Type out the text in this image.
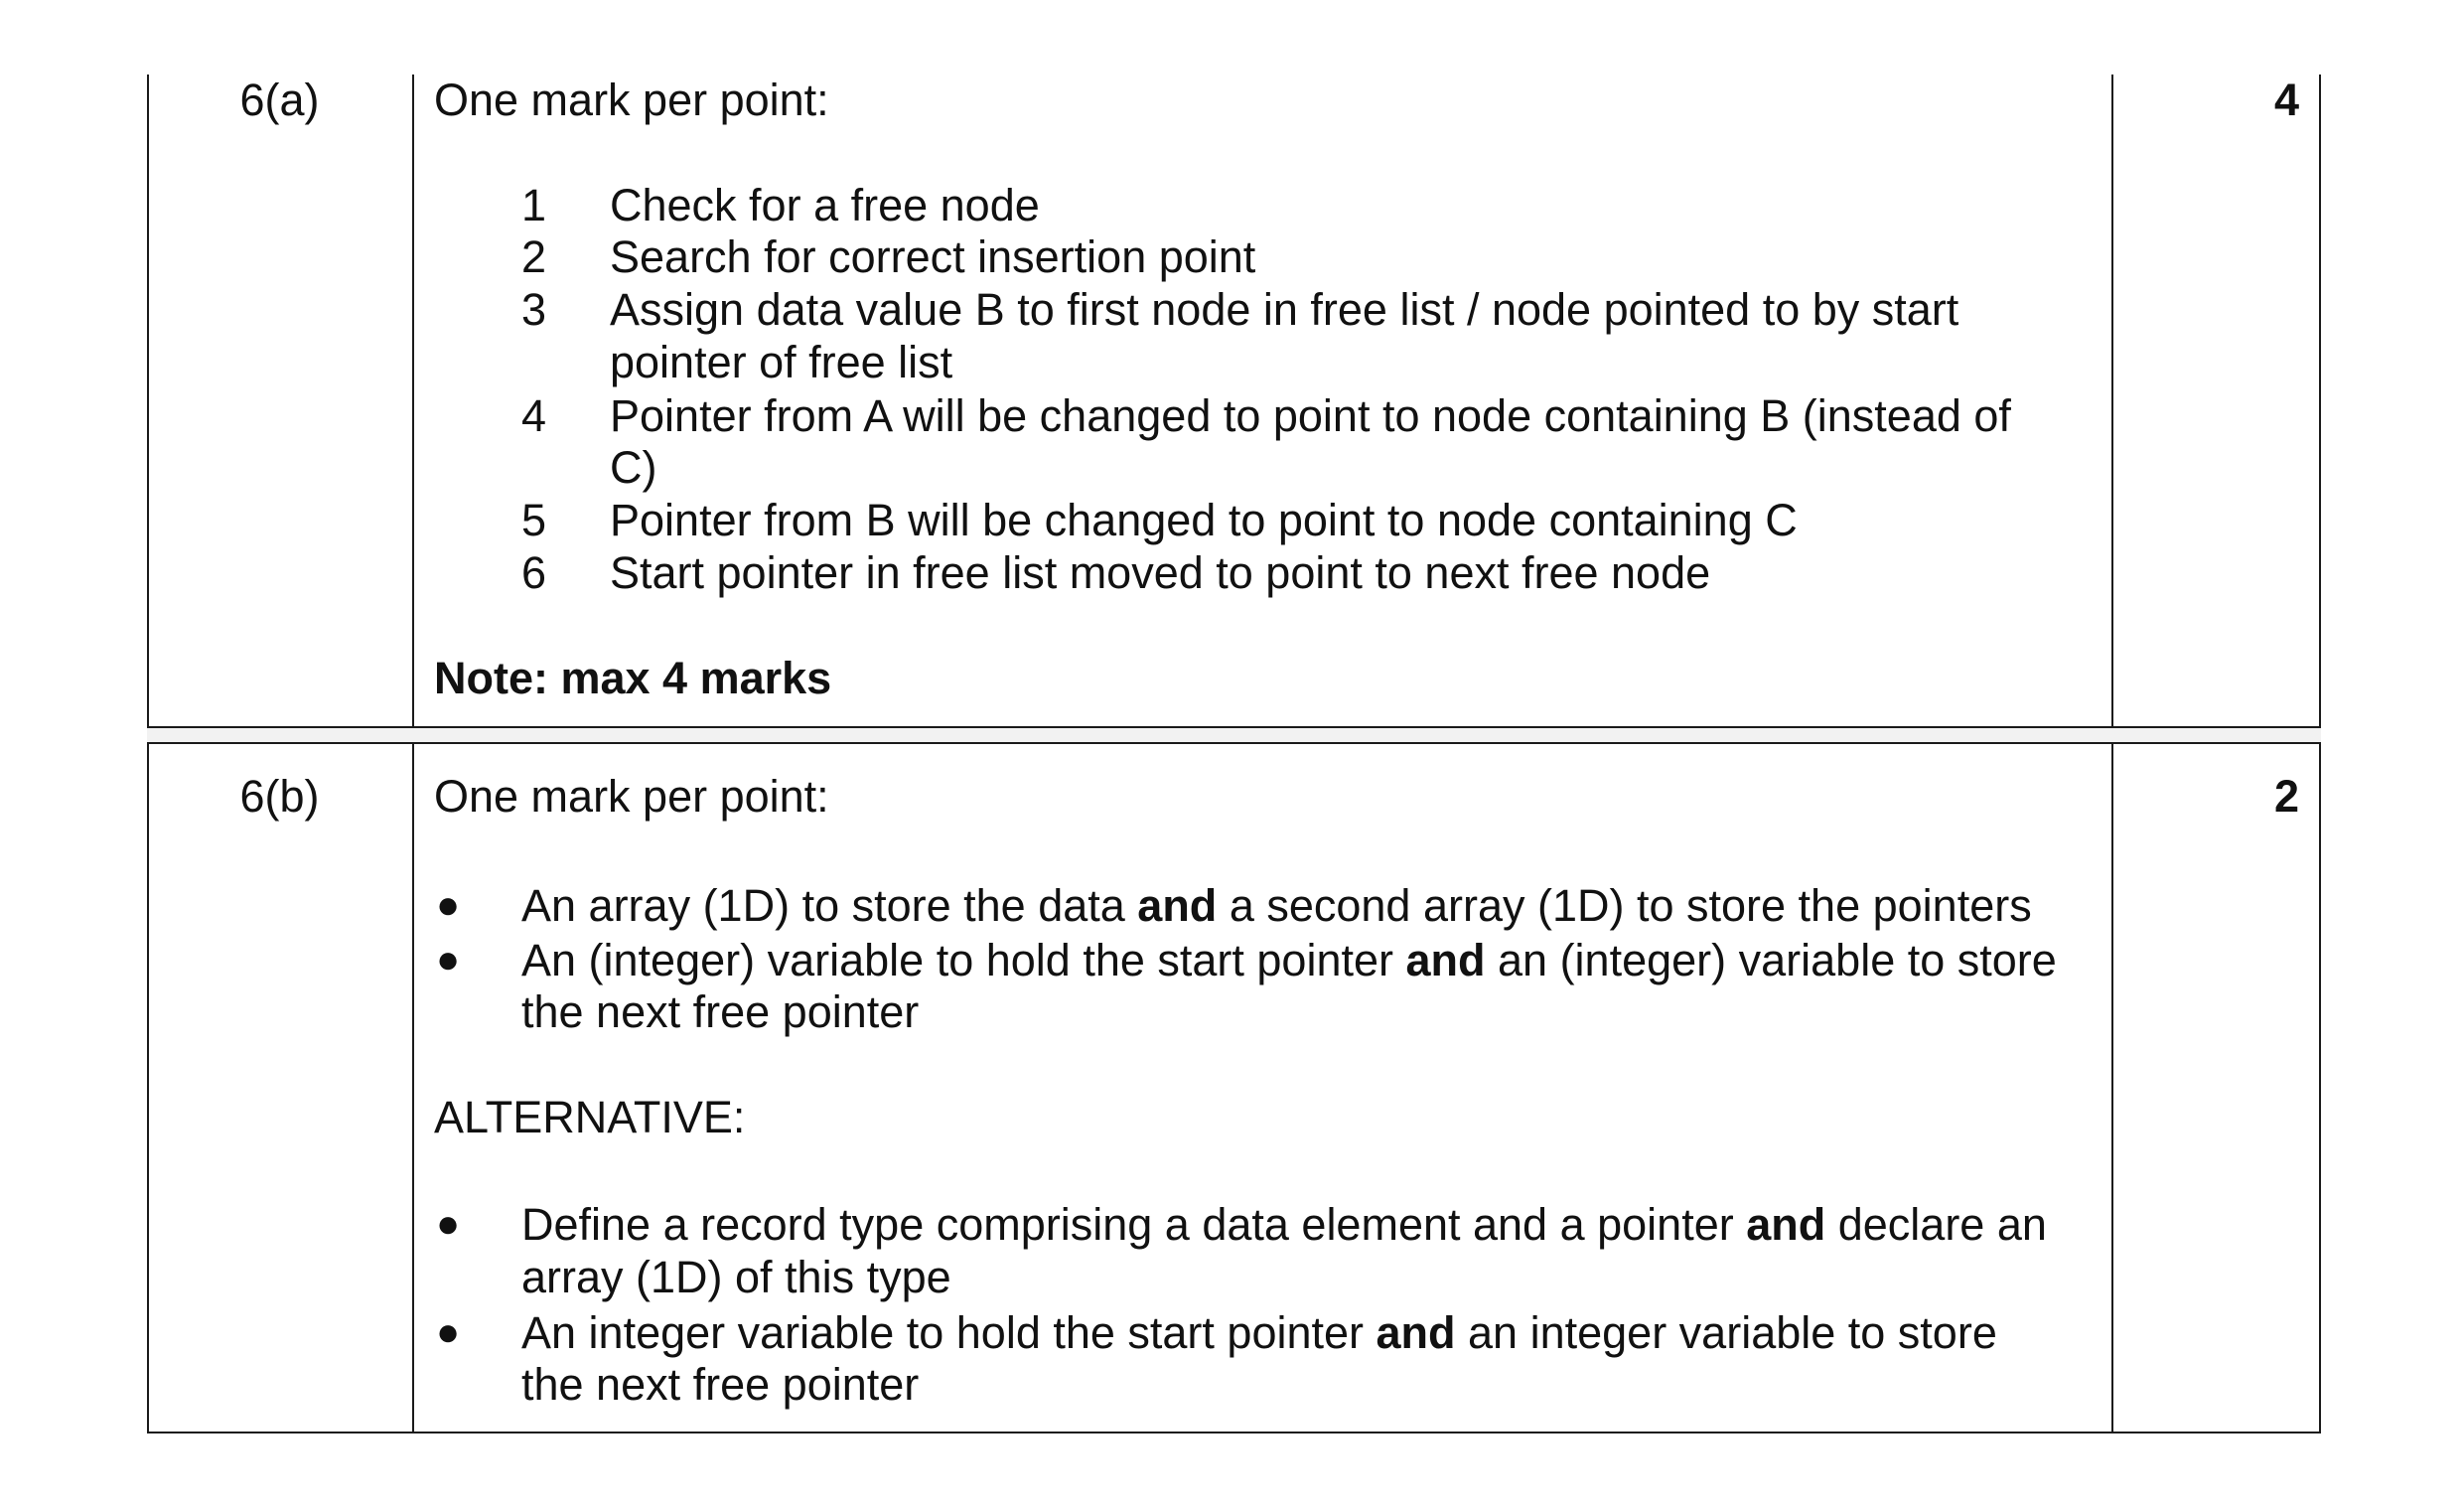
6(a)	4
One mark per point:
1 Check for a free node
2 Search for correct insertion point
3 Assign data value B to first node in free list / node pointed to by start
pointer of free list
4 Pointer from A will be changed to point to node containing B (instead of
C)
5 Pointer from B will be changed to point to node containing C
6 Start pointer in free list moved to point to next free node
Note: max 4 marks
6(b)	2
One mark per point:
● An array (1D) to store the data and a second array (1D) to store the pointers
● An (integer) variable to hold the start pointer and an (integer) variable to store
the next free pointer
ALTERNATIVE:
● Define a record type comprising a data element and a pointer and declare an
array (1D) of this type
● An integer variable to hold the start pointer and an integer variable to store
the next free pointer
